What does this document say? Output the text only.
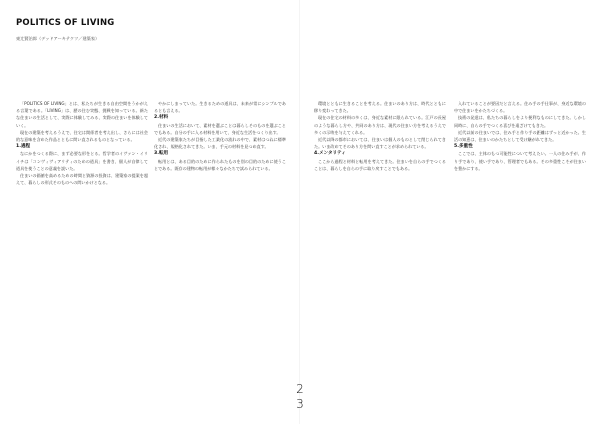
POLITICS OF LIVING
東辻賢治郎（デッドアーキテクツ／建築家）

「POLITICS OF LIVING」とは、私たちが生きる自由空間をうかがえる言葉である。「LIVING」は、歴の住む実態、挑戦を知っている。新たな住まいの生活として、実際に体験してみる、実際の住まいを体験していく。

現在の建築を考えるうえで、住宅は関係者を考え出し、さらには社会的な意味を含めた作品とともに問い直されるものとなっている。

1.過程

なにかをつくる際に、まず必要な形をとる。哲学者のイヴァン・イリイチは「コンヴィヴィアリティのための道具」を書き、個人が自律して道具を使うことの意義を説いた。

住まいの価値を高めるための時間と資源の投資は、建築家の提案を超えて、暮らしの形式そのものへの問いかけとなる。

やかにしまっていた。生きるための道具は、未来が常にシンプルであるとも言える。

2.材料

住まいの生活において、素材を選ぶことは暮らしそのものを選ぶことでもある。自分の手に入る材料を用いて、身近な生活をつくり出す。

近代の建築家たちが目指した工業化の流れの中で、素材はつねに標準化され、規格化されてきた。いま、手元の材料を見つめ直す。

3.転用

転用とは、ある目的のために作られたものを別の目的のために使うことである。既存の建物の転用が様々なかたちで試みられている。

環境とともに生きることを考える。住まいのあり方は、時代とともに移り変わってきた。

現在の住宅の材料の多くは、身近な素材に限られている。江戸の長屋のような暮らし方や、共同のあり方は、現代の住まい方を考えるうえで多くの示唆を与えてくれる。

近代以降の都市においては、住まいは個人のものとして閉じられてきた。いま改めてそのあり方を問い直すことが求められている。

4.メンタリティ

ここから過程と材料と転用を考えてきた。住まいを自らの手でつくることは、暮らしを自らの手に取り戻すことでもある。

入れていることが要因だと言える。住み手の手仕事が、身近な環境の中で住まいをかたちづくる。

技術の発達は、私たちの暮らしをより便利なものにしてきた。しかし同時に、自らの手でつくる喜びを遠ざけてもきた。

近代以前の住まいでは、住み手と作り手の距離はずっと近かった。生活の知恵は、住まいのかたちとして受け継がれてきた。

5.多重性

ここでは、主体のもつ可能性について考えたい。一人の住み手が、作り手であり、使い手であり、管理者でもある。その多重性こそが住まいを豊かにする。

2
3
